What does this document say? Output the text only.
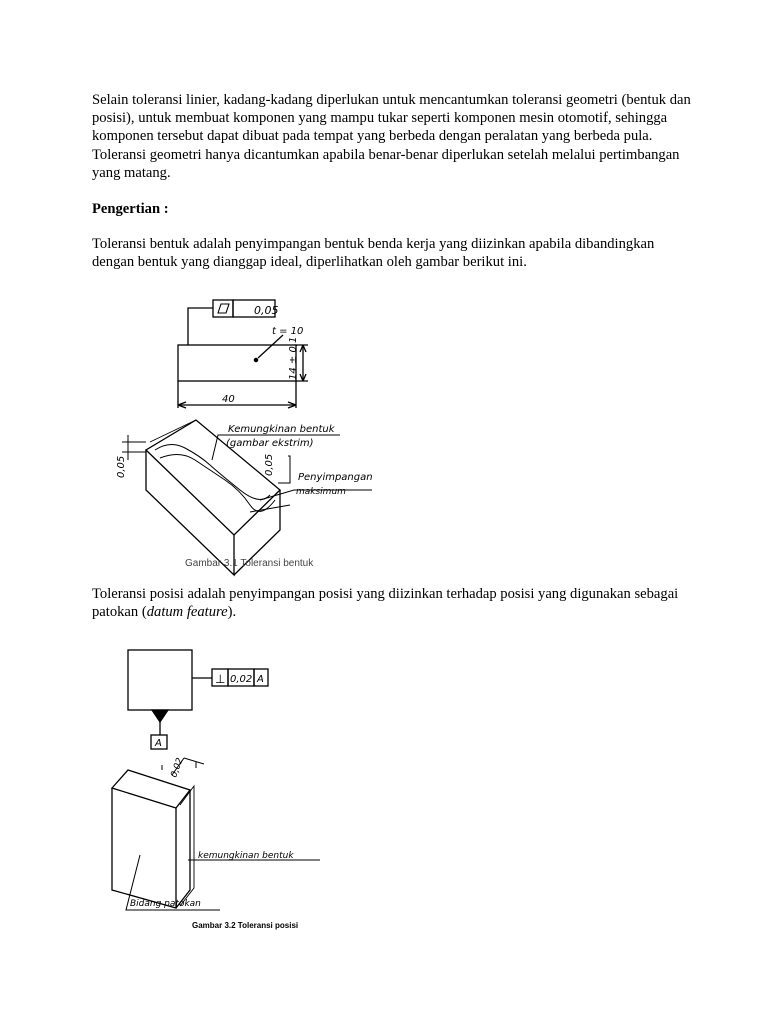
Selain toleransi linier, kadang-kadang diperlukan untuk mencantumkan toleransi geometri (bentuk dan posisi), untuk membuat komponen yang mampu tukar seperti komponen mesin otomotif, sehingga komponen tersebut dapat dibuat pada tempat yang berbeda dengan peralatan yang berbeda pula. Toleransi geometri hanya dicantumkan apabila benar-benar diperlukan setelah melalui pertimbangan yang matang.

Pengertian :

Toleransi bentuk adalah penyimpangan bentuk benda kerja yang diizinkan apabila dibandingkan dengan bentuk yang dianggap ideal, diperlihatkan oleh gambar berikut ini.

0,05
t = 10
14 ± 0,1
40
0,05	0,05
Kemungkinan bentuk
(gambar ekstrim)
Penyimpangan
maksimum
Gambar 3.1 Toleransi bentuk

Toleransi posisi adalah penyimpangan posisi yang diizinkan terhadap posisi yang digunakan sebagai patokan (datum feature).

⊥ 0,02 A
A
0,02
kemungkinan bentuk
Bidang patokan
Gambar 3.2 Toleransi posisi
